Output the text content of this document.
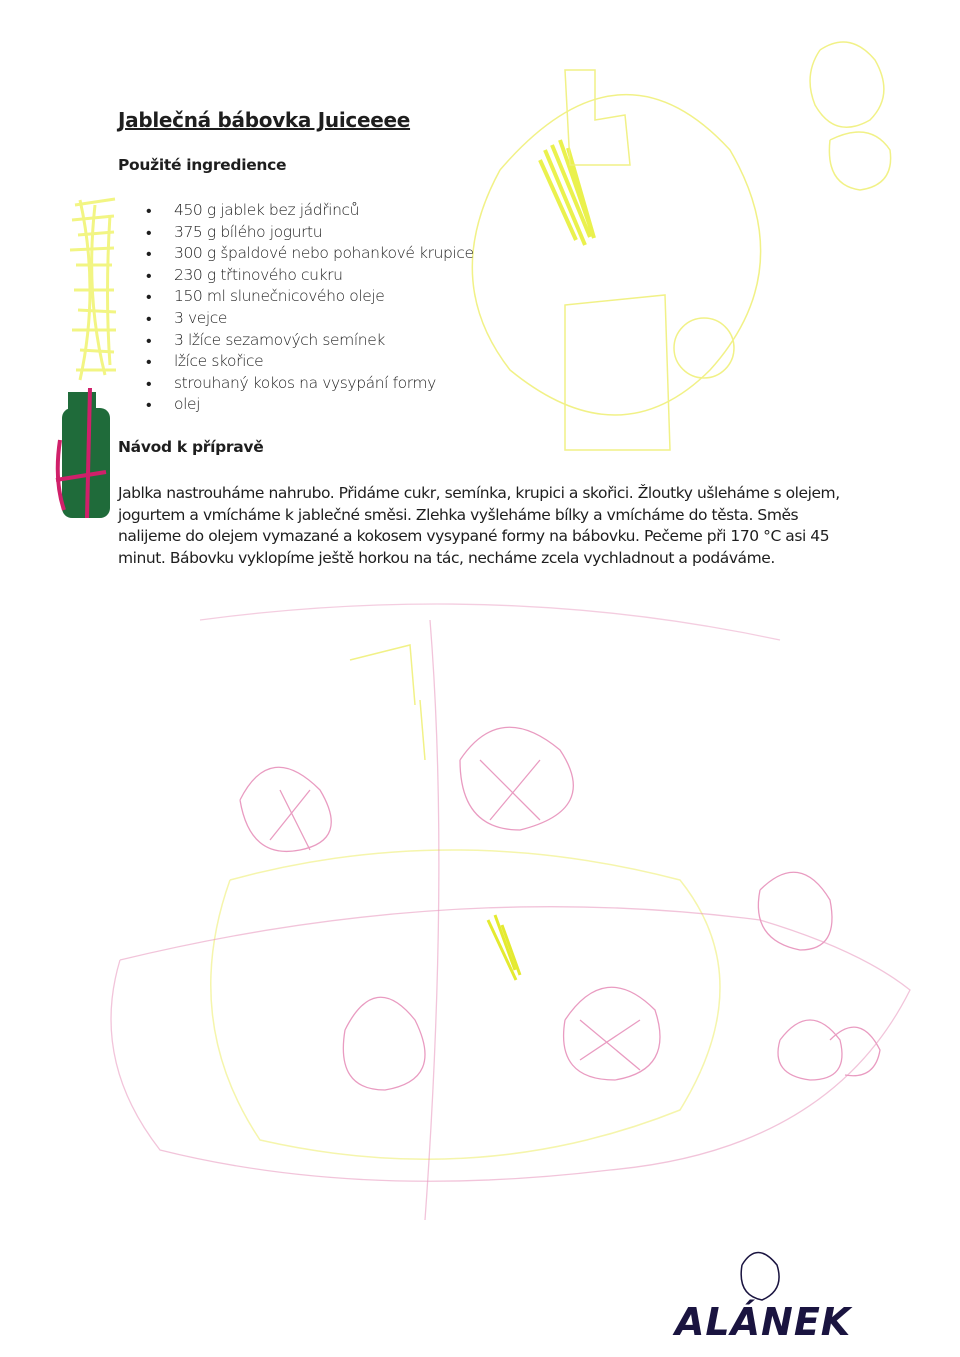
Jablečná bábovka Juiceeee
Použité ingredience
• 450 g jablek bez jádřinců
• 375 g bílého jogurtu
• 300 g špaldové nebo pohankové krupice
• 230 g třtinového cukru
• 150 ml slunečnicového oleje
• 3 vejce
• 3 lžíce sezamových semínek
• lžíce skořice
• strouhaný kokos na vysypání formy
• olej
Návod k přípravě

Jablka nastrouháme nahrubo. Přidáme cukr, semínka, krupici a skořici. Žloutky ušleháme s olejem, jogurtem a vmícháme k jablečné směsi. Zlehka vyšleháme bílky a vmícháme do těsta. Směs nalijeme do olejem vymazané a kokosem vysypané formy na bábovku. Pečeme při 170 °C asi 45 minut. Bábovku vyklopíme ještě horkou na tác, necháme zcela vychladnout a podáváme.

ALÁNEK
